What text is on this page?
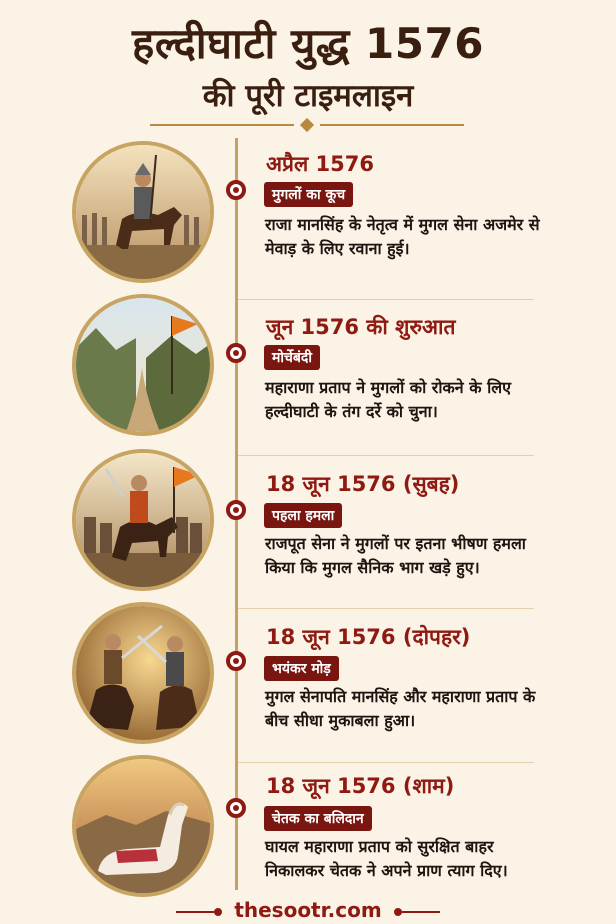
हल्दीघाटी युद्ध 1576
की पूरी टाइमलाइन
अप्रैल 1576
मुगलों का कूच
राजा मानसिंह के नेतृत्व में मुगल सेना अजमेर से मेवाड़ के लिए रवाना हुई।
जून 1576 की शुरुआत
मोर्चेबंदी
महाराणा प्रताप ने मुगलों को रोकने के लिए हल्दीघाटी के तंग दर्रे को चुना।
18 जून 1576 (सुबह)
पहला हमला
राजपूत सेना ने मुगलों पर इतना भीषण हमला किया कि मुगल सैनिक भाग खड़े हुए।
18 जून 1576 (दोपहर)
भयंकर मोड़
मुगल सेनापति मानसिंह और महाराणा प्रताप के बीच सीधा मुकाबला हुआ।
18 जून 1576 (शाम)
चेतक का बलिदान
घायल महाराणा प्रताप को सुरक्षित बाहर निकालकर चेतक ने अपने प्राण त्याग दिए।
thesootr.com
